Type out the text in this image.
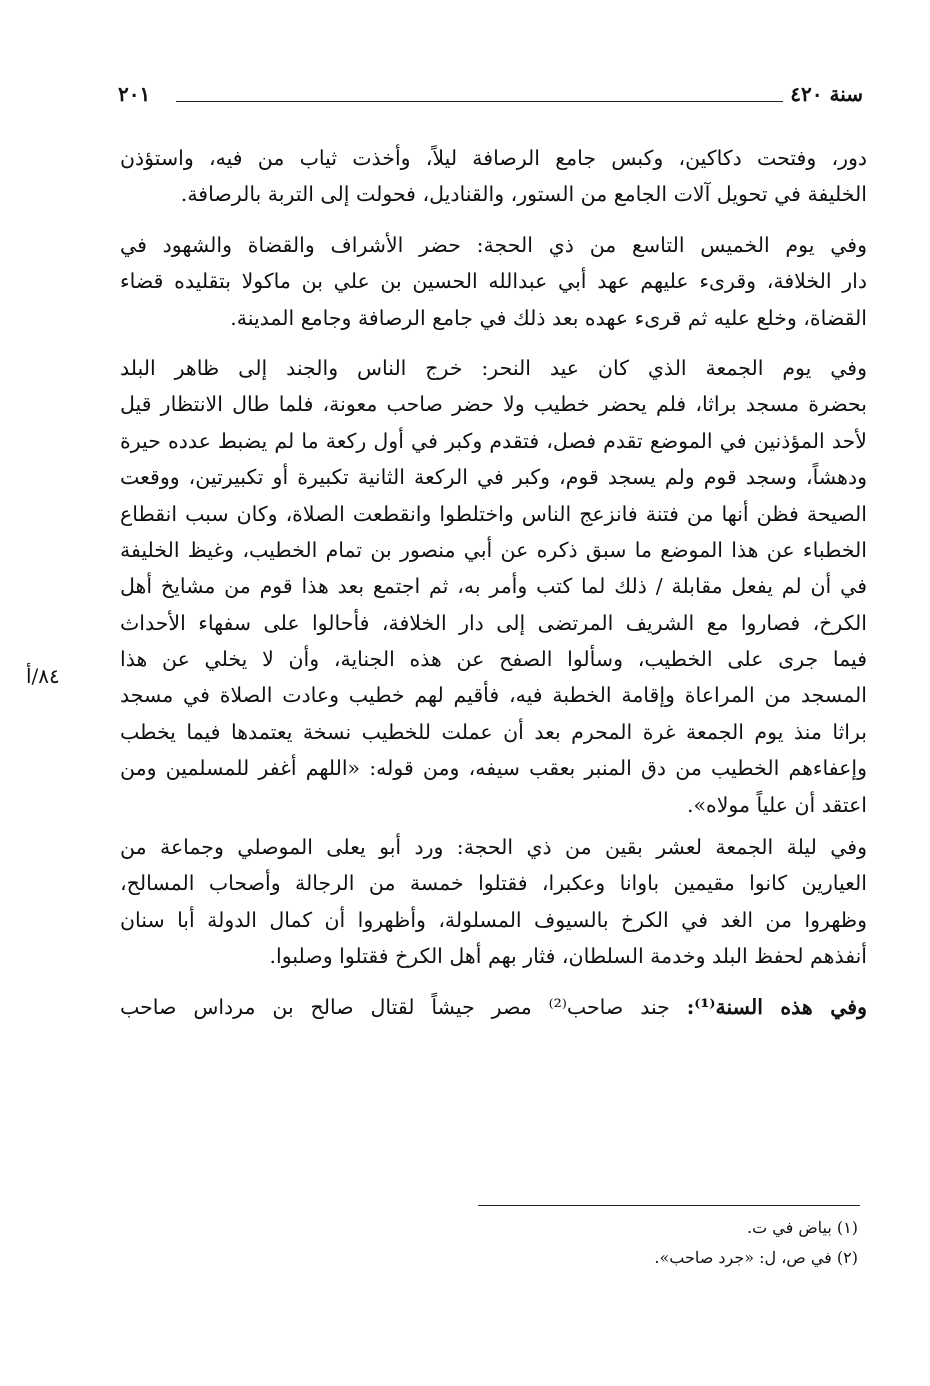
سنة ٤٢٠
٢٠١
٨٤/أ
دور، وفتحت دكاكين، وكبس جامع الرصافة ليلاً، وأخذت ثياب من فيه، واستؤذن
الخليفة في تحويل آلات الجامع من الستور، والقناديل، فحولت إلى التربة بالرصافة.
وفي يوم الخميس التاسع من ذي الحجة: حضر الأشراف والقضاة والشهود في
دار الخلافة، وقرىء عليهم عهد أبي عبدالله الحسين بن علي بن ماكولا بتقليده قضاء
القضاة، وخلع عليه ثم قرىء عهده بعد ذلك في جامع الرصافة وجامع المدينة.
وفي يوم الجمعة الذي كان عيد النحر: خرج الناس والجند إلى ظاهر البلد
بحضرة مسجد براثا، فلم يحضر خطيب ولا حضر صاحب معونة، فلما طال الانتظار قيل
لأحد المؤذنين في الموضع تقدم فصل، فتقدم وكبر في أول ركعة ما لم يضبط عدده حيرة
ودهشاً، وسجد قوم ولم يسجد قوم، وكبر في الركعة الثانية تكبيرة أو تكبيرتين، ووقعت
الصيحة فظن أنها من فتنة فانزعج الناس واختلطوا وانقطعت الصلاة، وكان سبب انقطاع
الخطباء عن هذا الموضع ما سبق ذكره عن أبي منصور بن تمام الخطيب، وغيظ الخليفة
في أن لم يفعل مقابلة / ذلك لما كتب وأمر به، ثم اجتمع بعد هذا قوم من مشايخ أهل
الكرخ، فصاروا مع الشريف المرتضى إلى دار الخلافة، فأحالوا على سفهاء الأحداث
فيما جرى على الخطيب، وسألوا الصفح عن هذه الجناية، وأن لا يخلي عن هذا
المسجد من المراعاة وإقامة الخطبة فيه، فأقيم لهم خطيب وعادت الصلاة في مسجد
براثا منذ يوم الجمعة غرة المحرم بعد أن عملت للخطيب نسخة يعتمدها فيما يخطب
وإعفاءهم الخطيب من دق المنبر بعقب سيفه، ومن قوله: «اللهم أغفر للمسلمين ومن
اعتقد أن علياً مولاه».
وفي ليلة الجمعة لعشر بقين من ذي الحجة: ورد أبو يعلى الموصلي وجماعة من
العيارين كانوا مقيمين باوانا وعكبرا، فقتلوا خمسة من الرجالة وأصحاب المسالح،
وظهروا من الغد في الكرخ بالسيوف المسلولة، وأظهروا أن كمال الدولة أبا سنان
أنفذهم لحفظ البلد وخدمة السلطان، فثار بهم أهل الكرخ فقتلوا وصلبوا.
وفي هذه السنة⁽¹⁾: جند صاحب⁽²⁾ مصر جيشاً لقتال صالح بن مرداس صاحب
(١) بياض في ت.
(٢) في ص، ل: «جرد صاحب».
